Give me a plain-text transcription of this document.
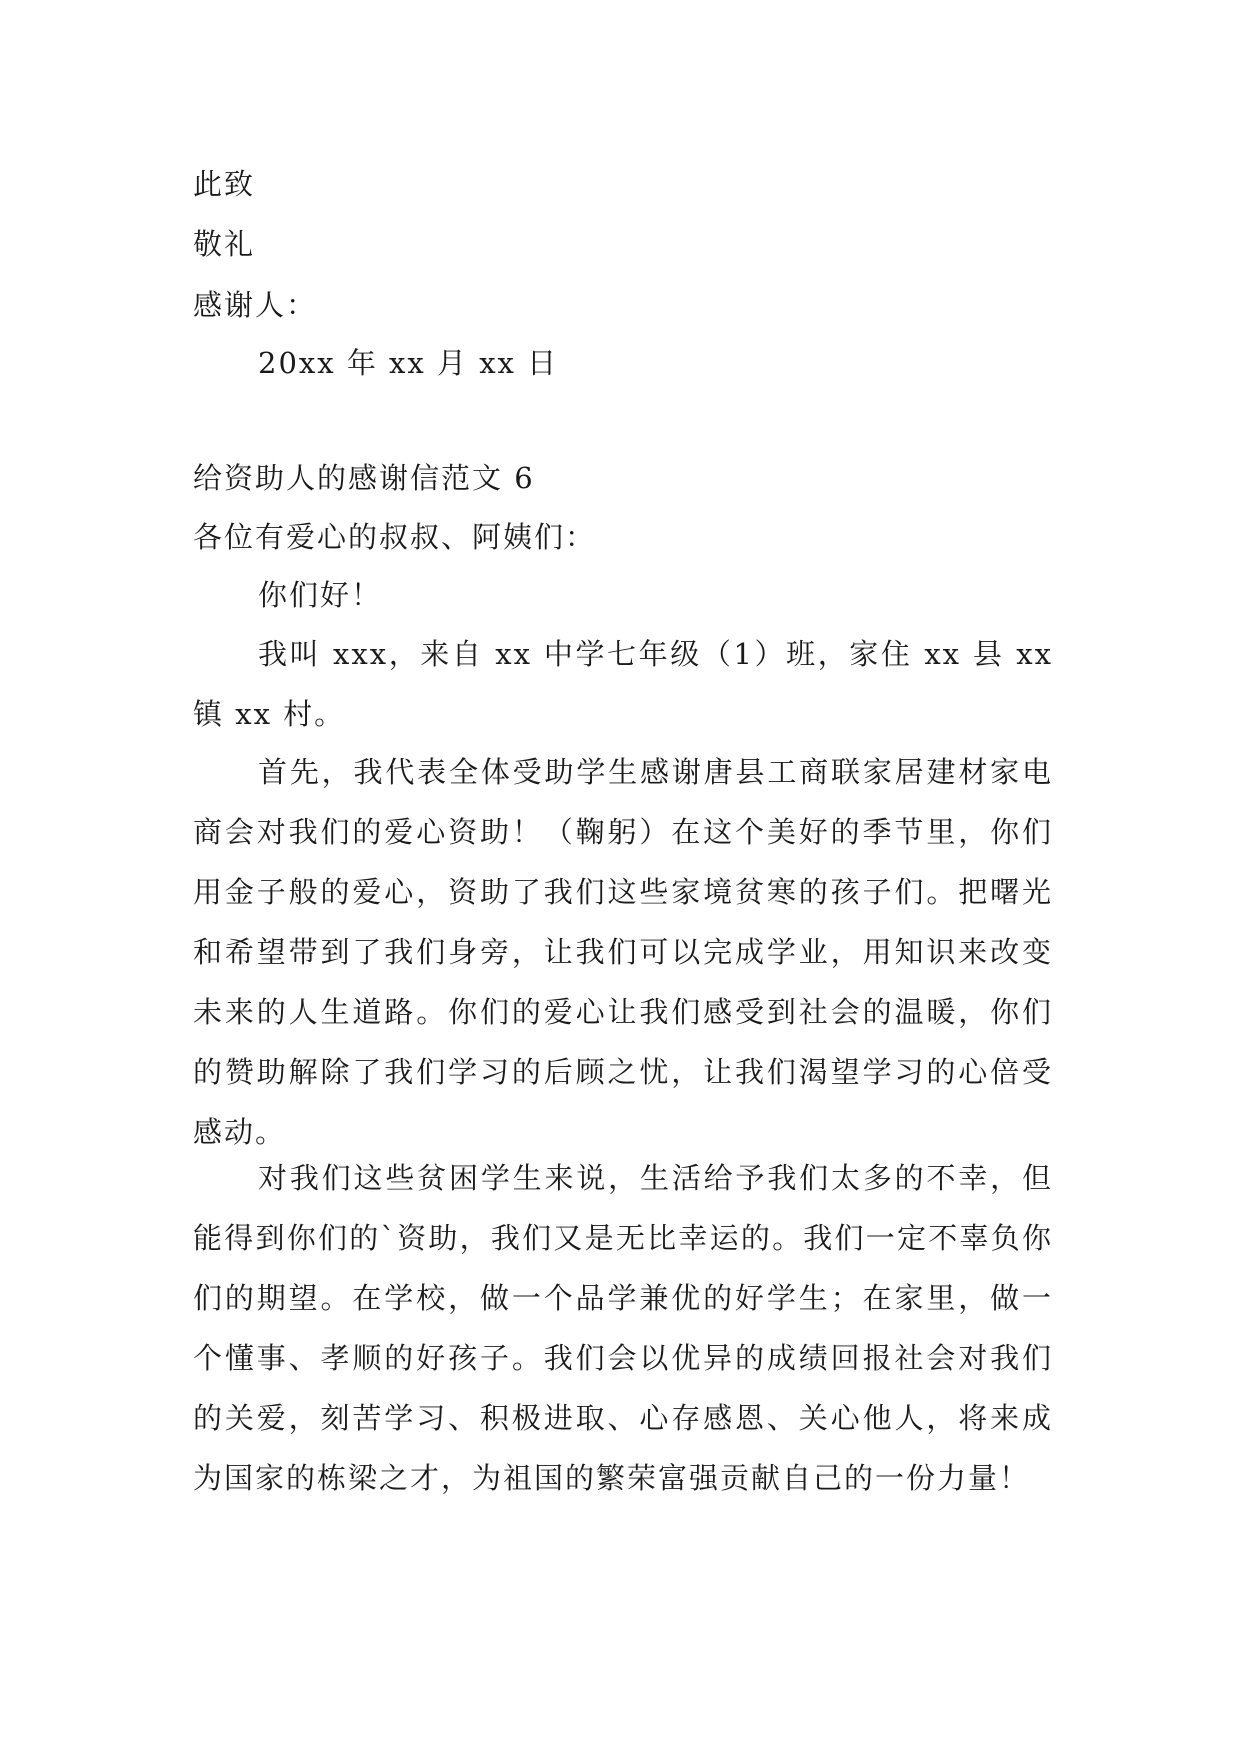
此致
敬礼
感谢人：
20xx 年 xx 月 xx 日
给资助人的感谢信范文 6
各位有爱心的叔叔、阿姨们：
你们好！

我叫 xxx，来自 xx 中学七年级（1）班，家住 xx 县 xx 镇 xx 村。

首先，我代表全体受助学生感谢唐县工商联家居建材家电商会对我们的爱心资助！（鞠躬）在这个美好的季节里，你们用金子般的爱心，资助了我们这些家境贫寒的孩子们。把曙光和希望带到了我们身旁，让我们可以完成学业，用知识来改变未来的人生道路。你们的爱心让我们感受到社会的温暖，你们的赞助解除了我们学习的后顾之忧，让我们渴望学习的心倍受感动。

对我们这些贫困学生来说，生活给予我们太多的不幸，但能得到你们的`资助，我们又是无比幸运的。我们一定不辜负你们的期望。在学校，做一个品学兼优的好学生；在家里，做一个懂事、孝顺的好孩子。我们会以优异的成绩回报社会对我们的关爱，刻苦学习、积极进取、心存感恩、关心他人，将来成为国家的栋梁之才，为祖国的繁荣富强贡献自己的一份力量！
